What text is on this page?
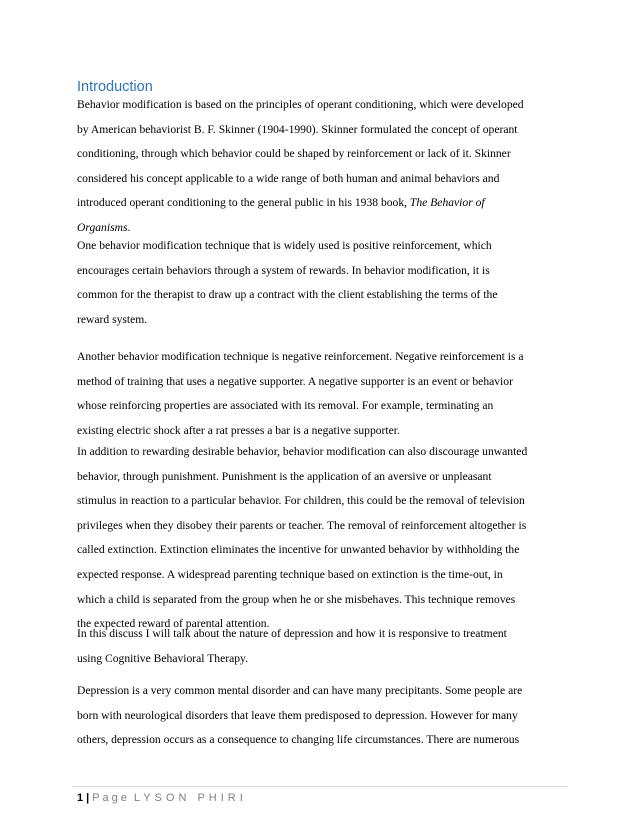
Introduction
Behavior modification is based on the principles of operant conditioning, which were developed
by American behaviorist B. F. Skinner (1904-1990). Skinner formulated the concept of operant
conditioning, through which behavior could be shaped by reinforcement or lack of it. Skinner
considered his concept applicable to a wide range of both human and animal behaviors and
introduced operant conditioning to the general public in his 1938 book, The Behavior of
Organisms.
One behavior modification technique that is widely used is positive reinforcement, which
encourages certain behaviors through a system of rewards. In behavior modification, it is
common for the therapist to draw up a contract with the client establishing the terms of the
reward system.
Another behavior modification technique is negative reinforcement. Negative reinforcement is a
method of training that uses a negative supporter. A negative supporter is an event or behavior
whose reinforcing properties are associated with its removal. For example, terminating an
existing electric shock after a rat presses a bar is a negative supporter.
In addition to rewarding desirable behavior, behavior modification can also discourage unwanted
behavior, through punishment. Punishment is the application of an aversive or unpleasant
stimulus in reaction to a particular behavior. For children, this could be the removal of television
privileges when they disobey their parents or teacher. The removal of reinforcement altogether is
called extinction. Extinction eliminates the incentive for unwanted behavior by withholding the
expected response. A widespread parenting technique based on extinction is the time-out, in
which a child is separated from the group when he or she misbehaves. This technique removes
the expected reward of parental attention.
In this discuss I will talk about the nature of depression and how it is responsive to treatment
using Cognitive Behavioral Therapy.
Depression is a very common mental disorder and can have many precipitants. Some people are
born with neurological disorders that leave them predisposed to depression. However for many
others, depression occurs as a consequence to changing life circumstances. There are numerous
1 | Page LYSON PHIRI
